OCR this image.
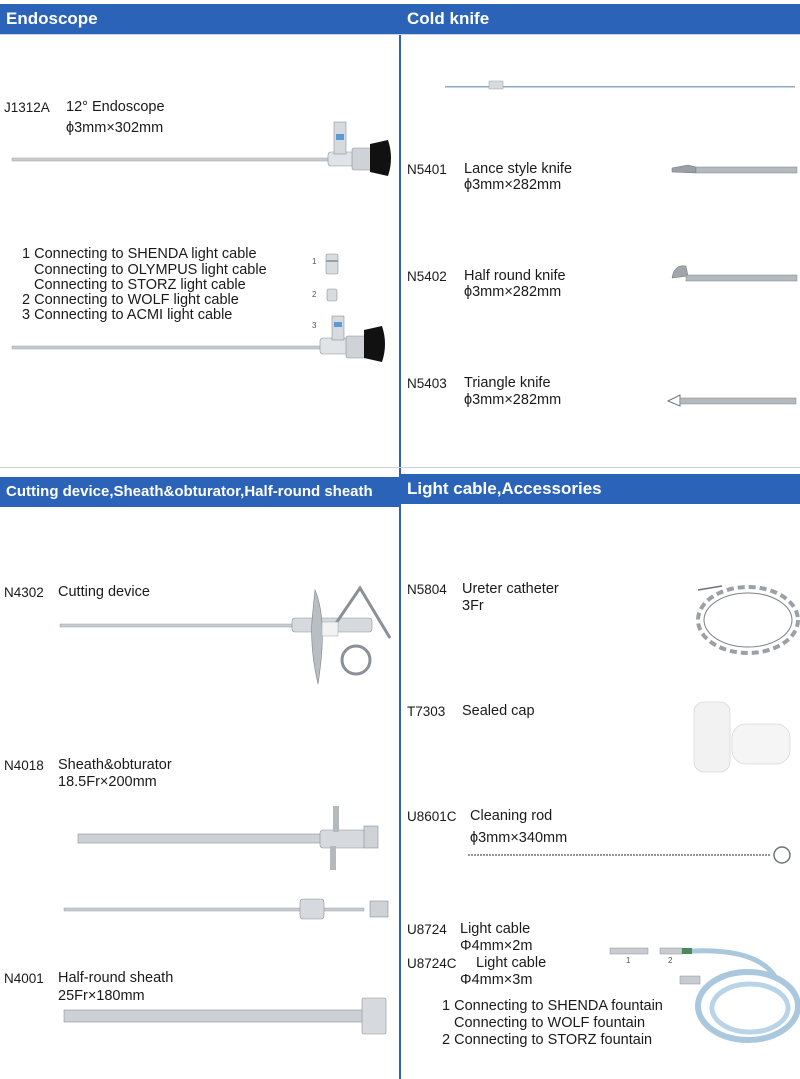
Endoscope	Cold knife
Cutting device,Sheath&obturator,Half-round sheath	Light cable,Accessories
J1312A 12° Endoscope
ϕ3mm×302mm
1 Connecting to SHENDA light cable
Connecting to OLYMPUS light cable
Connecting to STORZ light cable
2 Connecting to WOLF light cable
3 Connecting to ACMI light cable
1
2
3
N5401 Lance style knife
ϕ3mm×282mm
N5402 Half round knife
ϕ3mm×282mm
N5403 Triangle knife
ϕ3mm×282mm
N4302 Cutting device
N4018 Sheath&obturator
18.5Fr×200mm
N4001 Half-round sheath
25Fr×180mm
N5804 Ureter catheter
3Fr
T7303 Sealed cap
U8601C Cleaning rod
ϕ3mm×340mm
U8724 Light cable
Φ4mm×2m
U8724C Light cable
Φ4mm×3m
1	2
1 Connecting to SHENDA fountain
Connecting to WOLF fountain
2 Connecting to STORZ fountain
